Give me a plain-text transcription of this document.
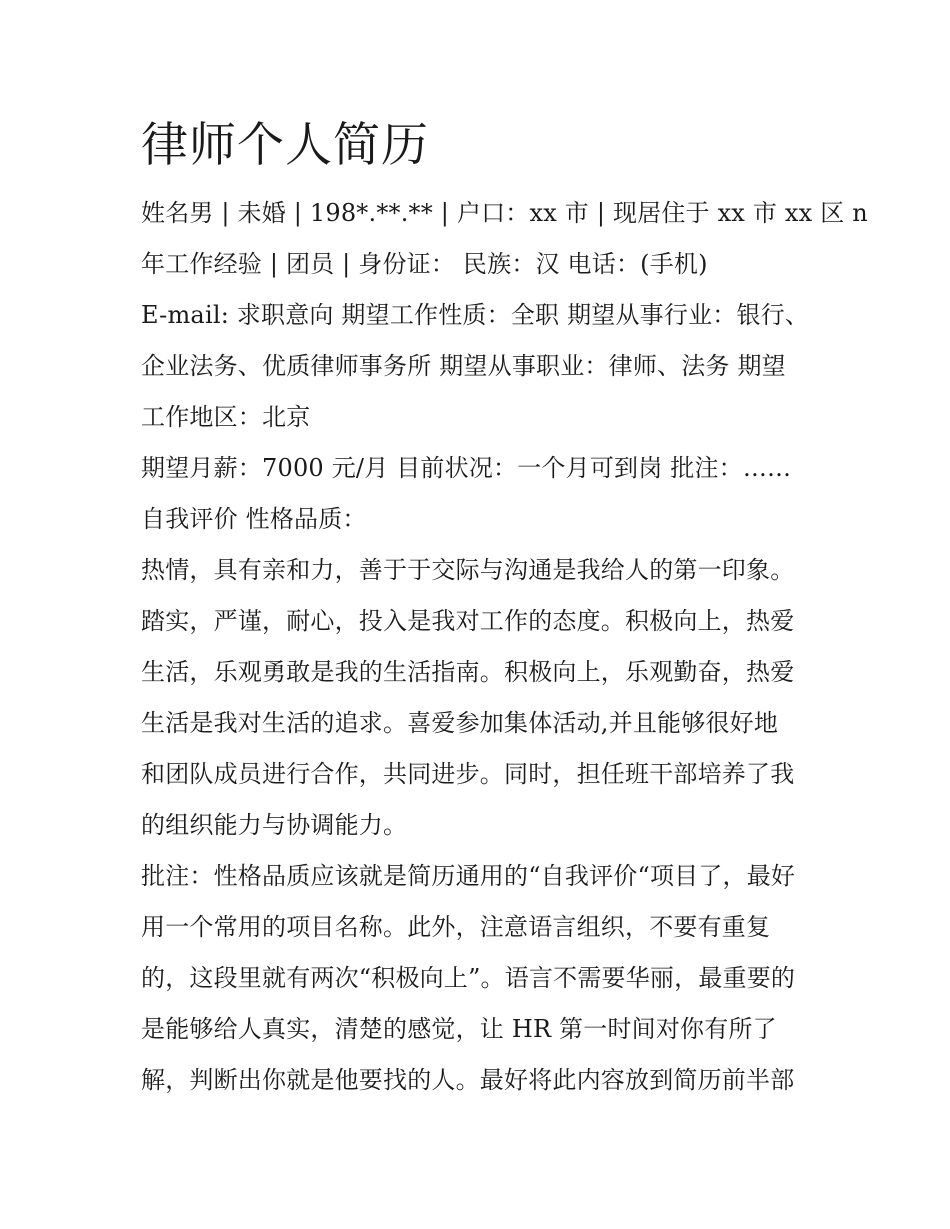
律师个人简历
姓名男 | 未婚 | 198*.**.** | 户口：xx 市 | 现居住于 xx 市 xx 区 n
年工作经验 | 团员 | 身份证： 民族：汉 电话：(手机)
E-mail: 求职意向 期望工作性质：全职 期望从事行业：银行、
企业法务、优质律师事务所 期望从事职业：律师、法务 期望
工作地区：北京
期望月薪：7000 元/月 目前状况：一个月可到岗 批注：……
自我评价 性格品质：
热情，具有亲和力，善于于交际与沟通是我给人的第一印象。
踏实，严谨，耐心，投入是我对工作的态度。积极向上，热爱
生活，乐观勇敢是我的生活指南。积极向上，乐观勤奋，热爱
生活是我对生活的追求。喜爱参加集体活动,并且能够很好地
和团队成员进行合作，共同进步。同时，担任班干部培养了我
的组织能力与协调能力。
批注：性格品质应该就是简历通用的“自我评价“项目了，最好
用一个常用的项目名称。此外，注意语言组织，不要有重复
的，这段里就有两次“积极向上”。语言不需要华丽，最重要的
是能够给人真实，清楚的感觉，让 HR 第一时间对你有所了
解，判断出你就是他要找的人。最好将此内容放到简历前半部
